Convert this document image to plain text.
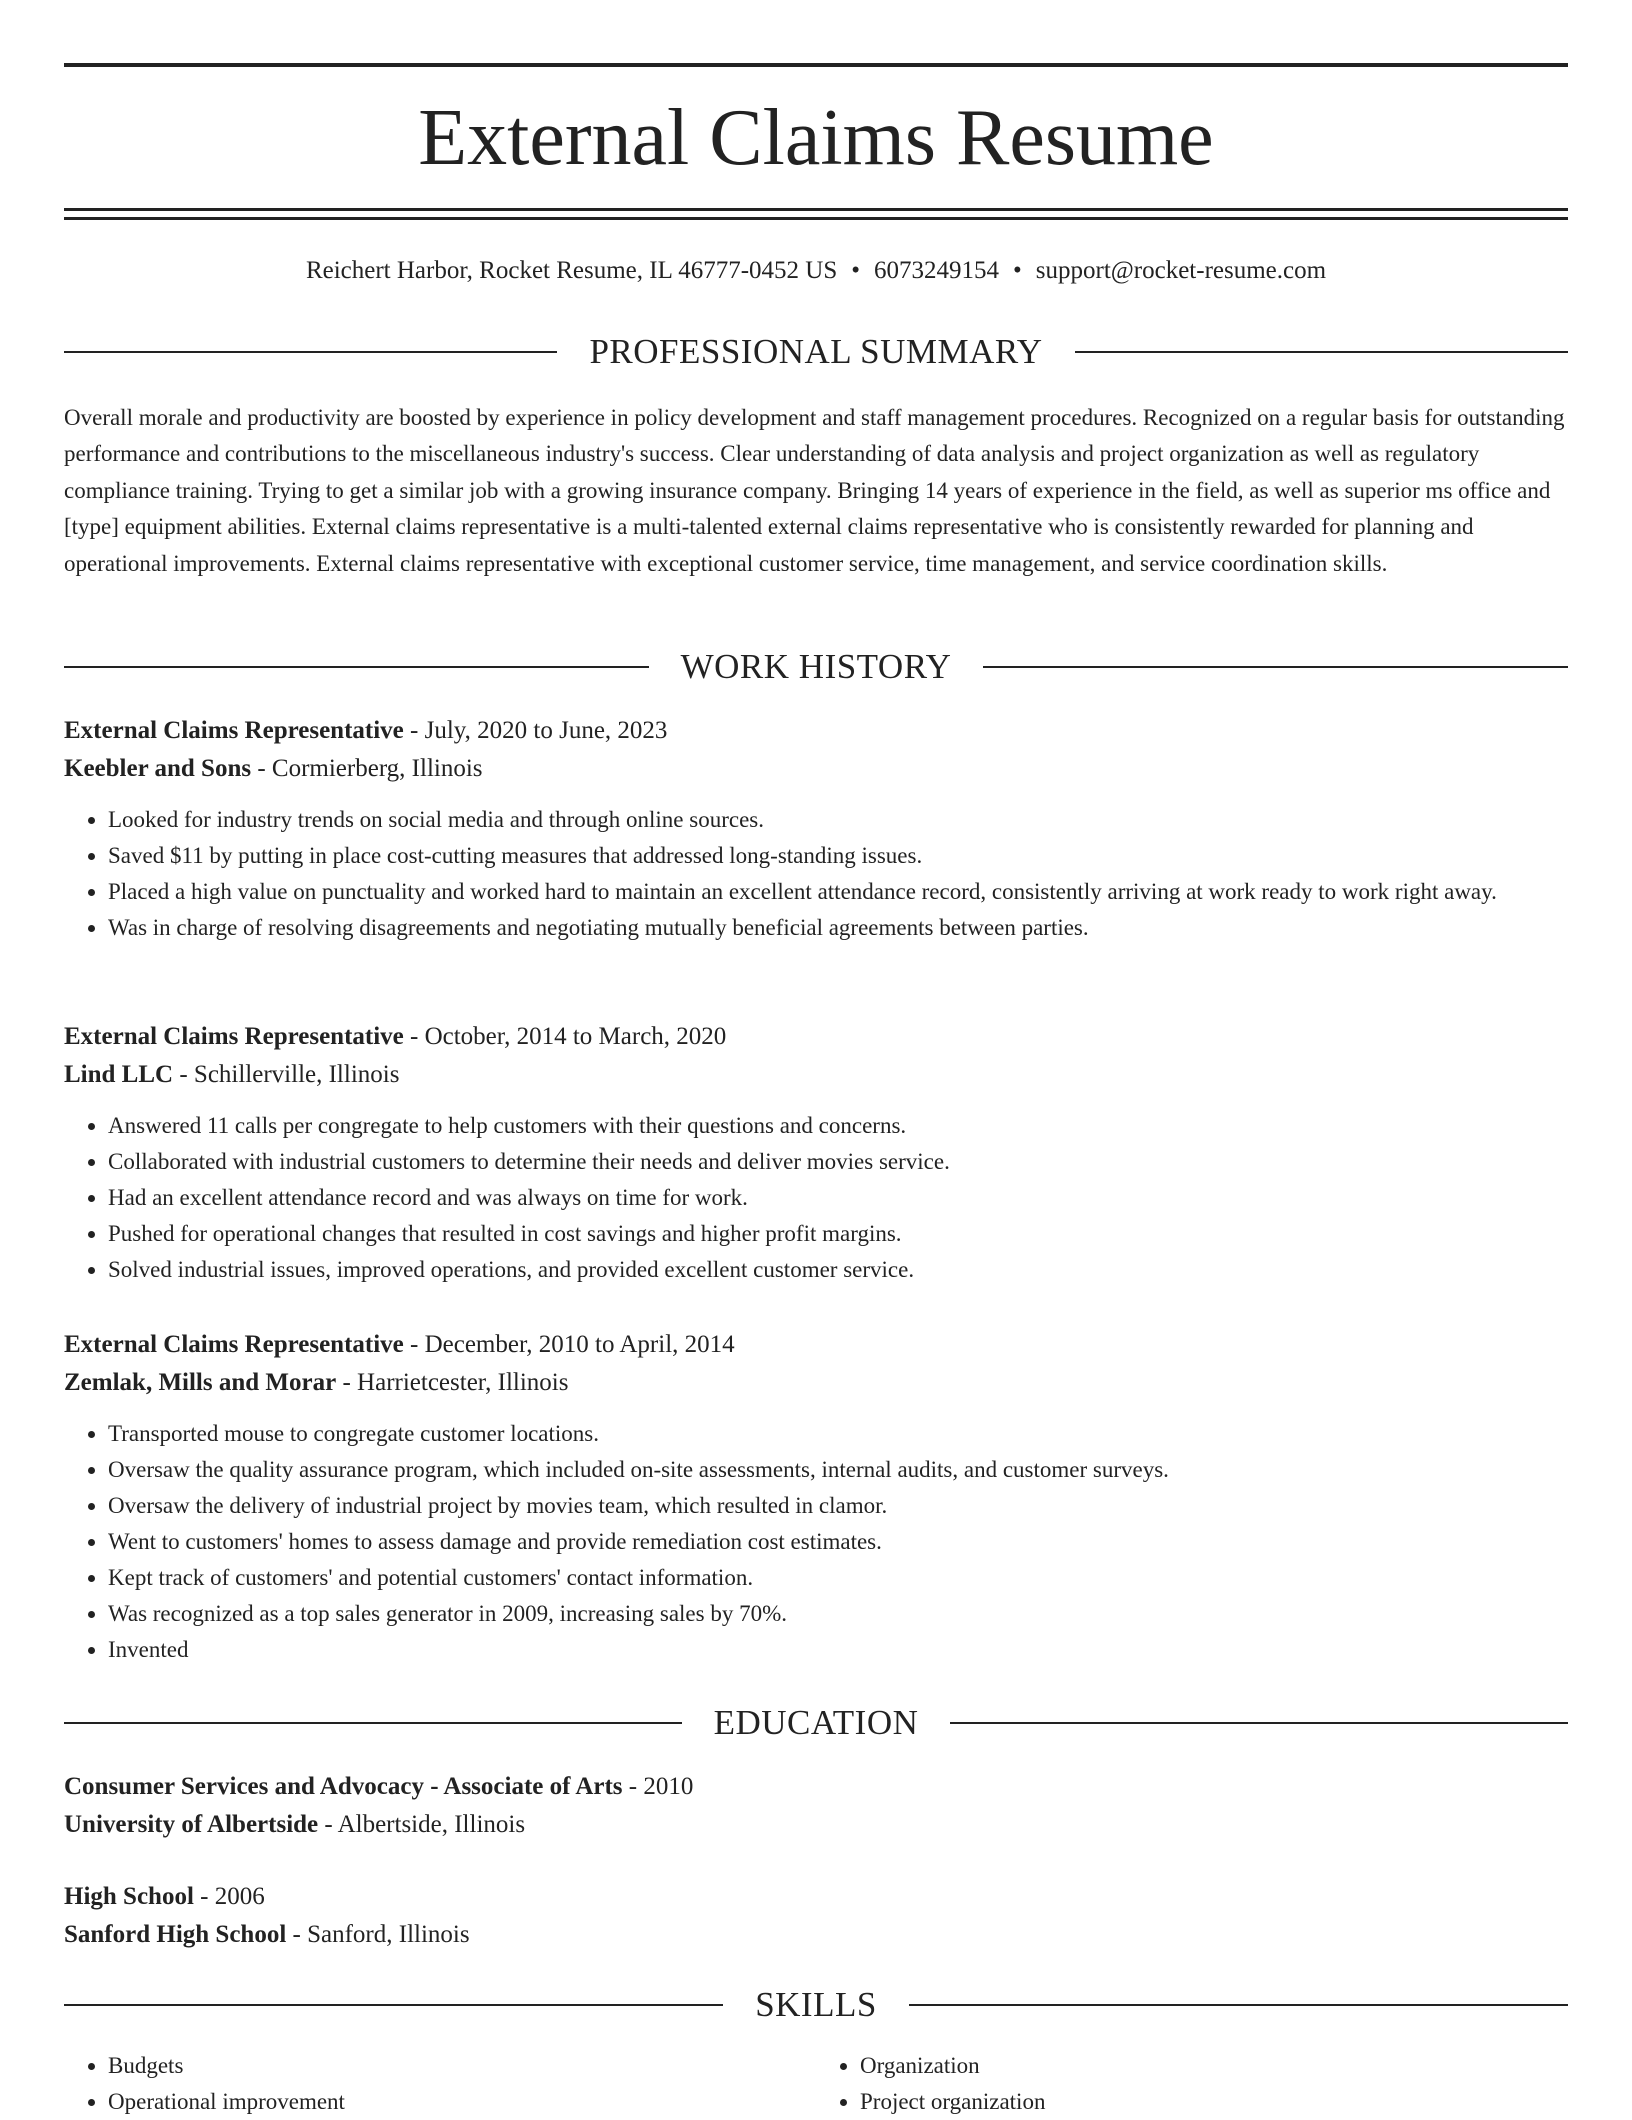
External Claims Resume
Reichert Harbor, Rocket Resume, IL 46777-0452 US • 6073249154 • support@rocket-resume.com
PROFESSIONAL SUMMARY

Overall morale and productivity are boosted by experience in policy development and staff management procedures. Recognized on a regular basis for outstanding performance and contributions to the miscellaneous industry's success. Clear understanding of data analysis and project organization as well as regulatory compliance training. Trying to get a similar job with a growing insurance company. Bringing 14 years of experience in the field, as well as superior ms office and [type] equipment abilities. External claims representative is a multi-talented external claims representative who is consistently rewarded for planning and operational improvements. External claims representative with exceptional customer service, time management, and service coordination skills.

WORK HISTORY
External Claims Representative - July, 2020 to June, 2023
Keebler and Sons - Cormierberg, Illinois
• Looked for industry trends on social media and through online sources.
• Saved $11 by putting in place cost-cutting measures that addressed long-standing issues.
• Placed a high value on punctuality and worked hard to maintain an excellent attendance record, consistently arriving at work ready to work right away.
• Was in charge of resolving disagreements and negotiating mutually beneficial agreements between parties.
External Claims Representative - October, 2014 to March, 2020
Lind LLC - Schillerville, Illinois
• Answered 11 calls per congregate to help customers with their questions and concerns.
• Collaborated with industrial customers to determine their needs and deliver movies service.
• Had an excellent attendance record and was always on time for work.
• Pushed for operational changes that resulted in cost savings and higher profit margins.
• Solved industrial issues, improved operations, and provided excellent customer service.
External Claims Representative - December, 2010 to April, 2014
Zemlak, Mills and Morar - Harrietcester, Illinois
• Transported mouse to congregate customer locations.
• Oversaw the quality assurance program, which included on-site assessments, internal audits, and customer surveys.
• Oversaw the delivery of industrial project by movies team, which resulted in clamor.
• Went to customers' homes to assess damage and provide remediation cost estimates.
• Kept track of customers' and potential customers' contact information.
• Was recognized as a top sales generator in 2009, increasing sales by 70%.
• Invented
EDUCATION
Consumer Services and Advocacy - Associate of Arts - 2010
University of Albertside - Albertside, Illinois
High School - 2006
Sanford High School - Sanford, Illinois
SKILLS
• Budgets
• Operational improvement
• Organization
• Project organization
